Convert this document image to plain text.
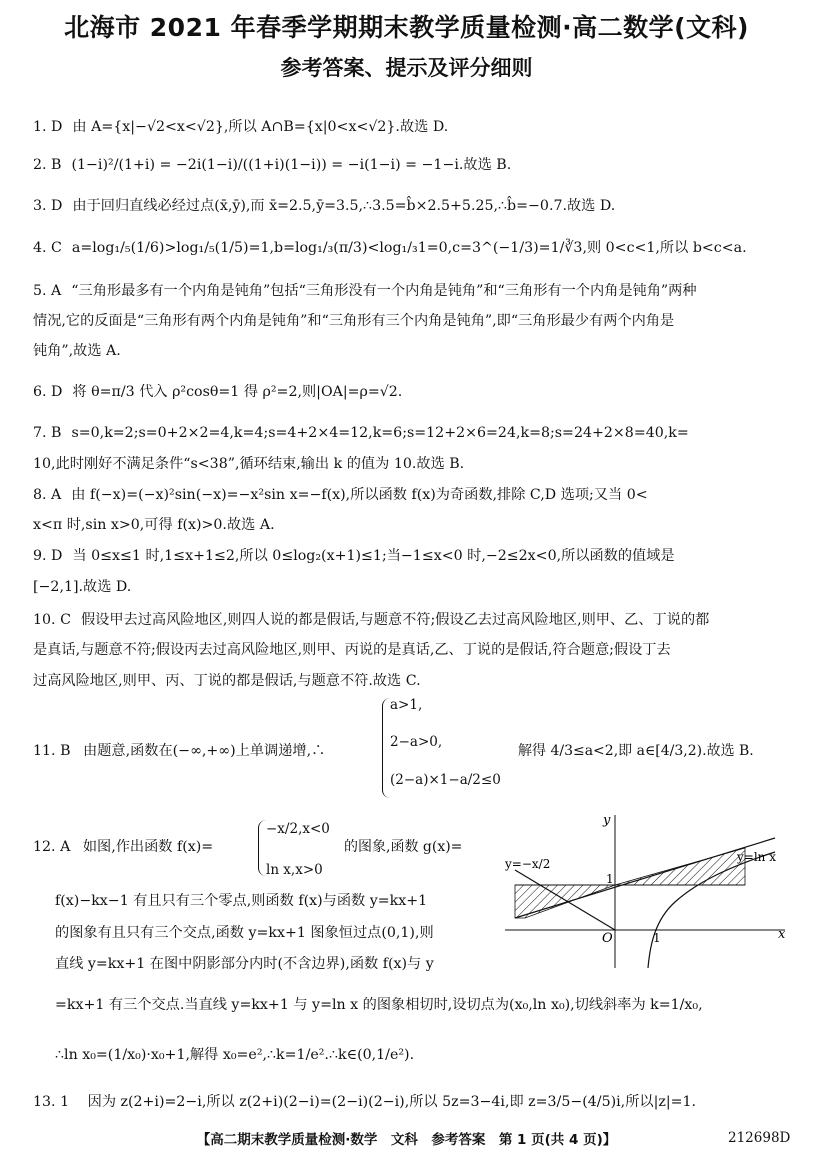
北海市 2021 年春季学期期末教学质量检测·高二数学(文科)
参考答案、提示及评分细则
1. D 由 A={x|−√2<x<√2},所以 A∩B={x|0<x<√2}.故选 D.
2. B (1−i)²/(1+i) = −2i(1−i)/((1+i)(1−i)) = −i(1−i) = −1−i.故选 B.
3. D 由于回归直线必经过点(x̄,ȳ),而 x̄=2.5,ȳ=3.5,∴3.5=b̂×2.5+5.25,∴b̂=−0.7.故选 D.
4. C a=log₁/₅(1/6)>log₁/₅(1/5)=1,b=log₁/₃(π/3)<log₁/₃1=0,c=3^(−1/3)=1/∛3,则 0<c<1,所以 b<c<a.
5. A “三角形最多有一个内角是钝角”包括“三角形没有一个内角是钝角”和“三角形有一个内角是钝角”两种
情况,它的反面是“三角形有两个内角是钝角”和“三角形有三个内角是钝角”,即“三角形最少有两个内角是
钝角”,故选 A.
6. D 将 θ=π/3 代入 ρ²cosθ=1 得 ρ²=2,则|OA|=ρ=√2.
7. B s=0,k=2;s=0+2×2=4,k=4;s=4+2×4=12,k=6;s=12+2×6=24,k=8;s=24+2×8=40,k=
10,此时刚好不满足条件“s<38”,循环结束,输出 k 的值为 10.故选 B.
8. A 由 f(−x)=(−x)²sin(−x)=−x²sin x=−f(x),所以函数 f(x)为奇函数,排除 C,D 选项;又当 0<
x<π 时,sin x>0,可得 f(x)>0.故选 A.
9. D 当 0≤x≤1 时,1≤x+1≤2,所以 0≤log₂(x+1)≤1;当−1≤x<0 时,−2≤2x<0,所以函数的值域是
[−2,1].故选 D.
10. C 假设甲去过高风险地区,则四人说的都是假话,与题意不符;假设乙去过高风险地区,则甲、乙、丁说的都
是真话,与题意不符;假设丙去过高风险地区,则甲、丙说的是真话,乙、丁说的是假话,符合题意;假设丁去
过高风险地区,则甲、丙、丁说的都是假话,与题意不符.故选 C.
11. B 由题意,函数在(−∞,+∞)上单调递增,∴
a>1,
2−a>0,
(2−a)×1−a/2≤0
解得 4/3≤a<2,即 a∈[4/3,2).故选 B.
12. A 如图,作出函数 f(x)=
−x/2,x<0
ln x,x>0
的图象,函数 g(x)=
f(x)−kx−1 有且只有三个零点,则函数 f(x)与函数 y=kx+1
的图象有且只有三个交点,函数 y=kx+1 图象恒过点(0,1),则
直线 y=kx+1 在图中阴影部分内时(不含边界),函数 f(x)与 y
=kx+1 有三个交点.当直线 y=kx+1 与 y=ln x 的图象相切时,设切点为(x₀,ln x₀),切线斜率为 k=1/x₀,
∴ln x₀=(1/x₀)·x₀+1,解得 x₀=e²,∴k=1/e².∴k∈(0,1/e²).
y
x
O
1
1
y=ln x
y=−x/2
13. 1 因为 z(2+i)=2−i,所以 z(2+i)(2−i)=(2−i)(2−i),所以 5z=3−4i,即 z=3/5−(4/5)i,所以|z|=1.
【高二期末教学质量检测·数学　文科　参考答案　第 1 页(共 4 页)】	212698D
